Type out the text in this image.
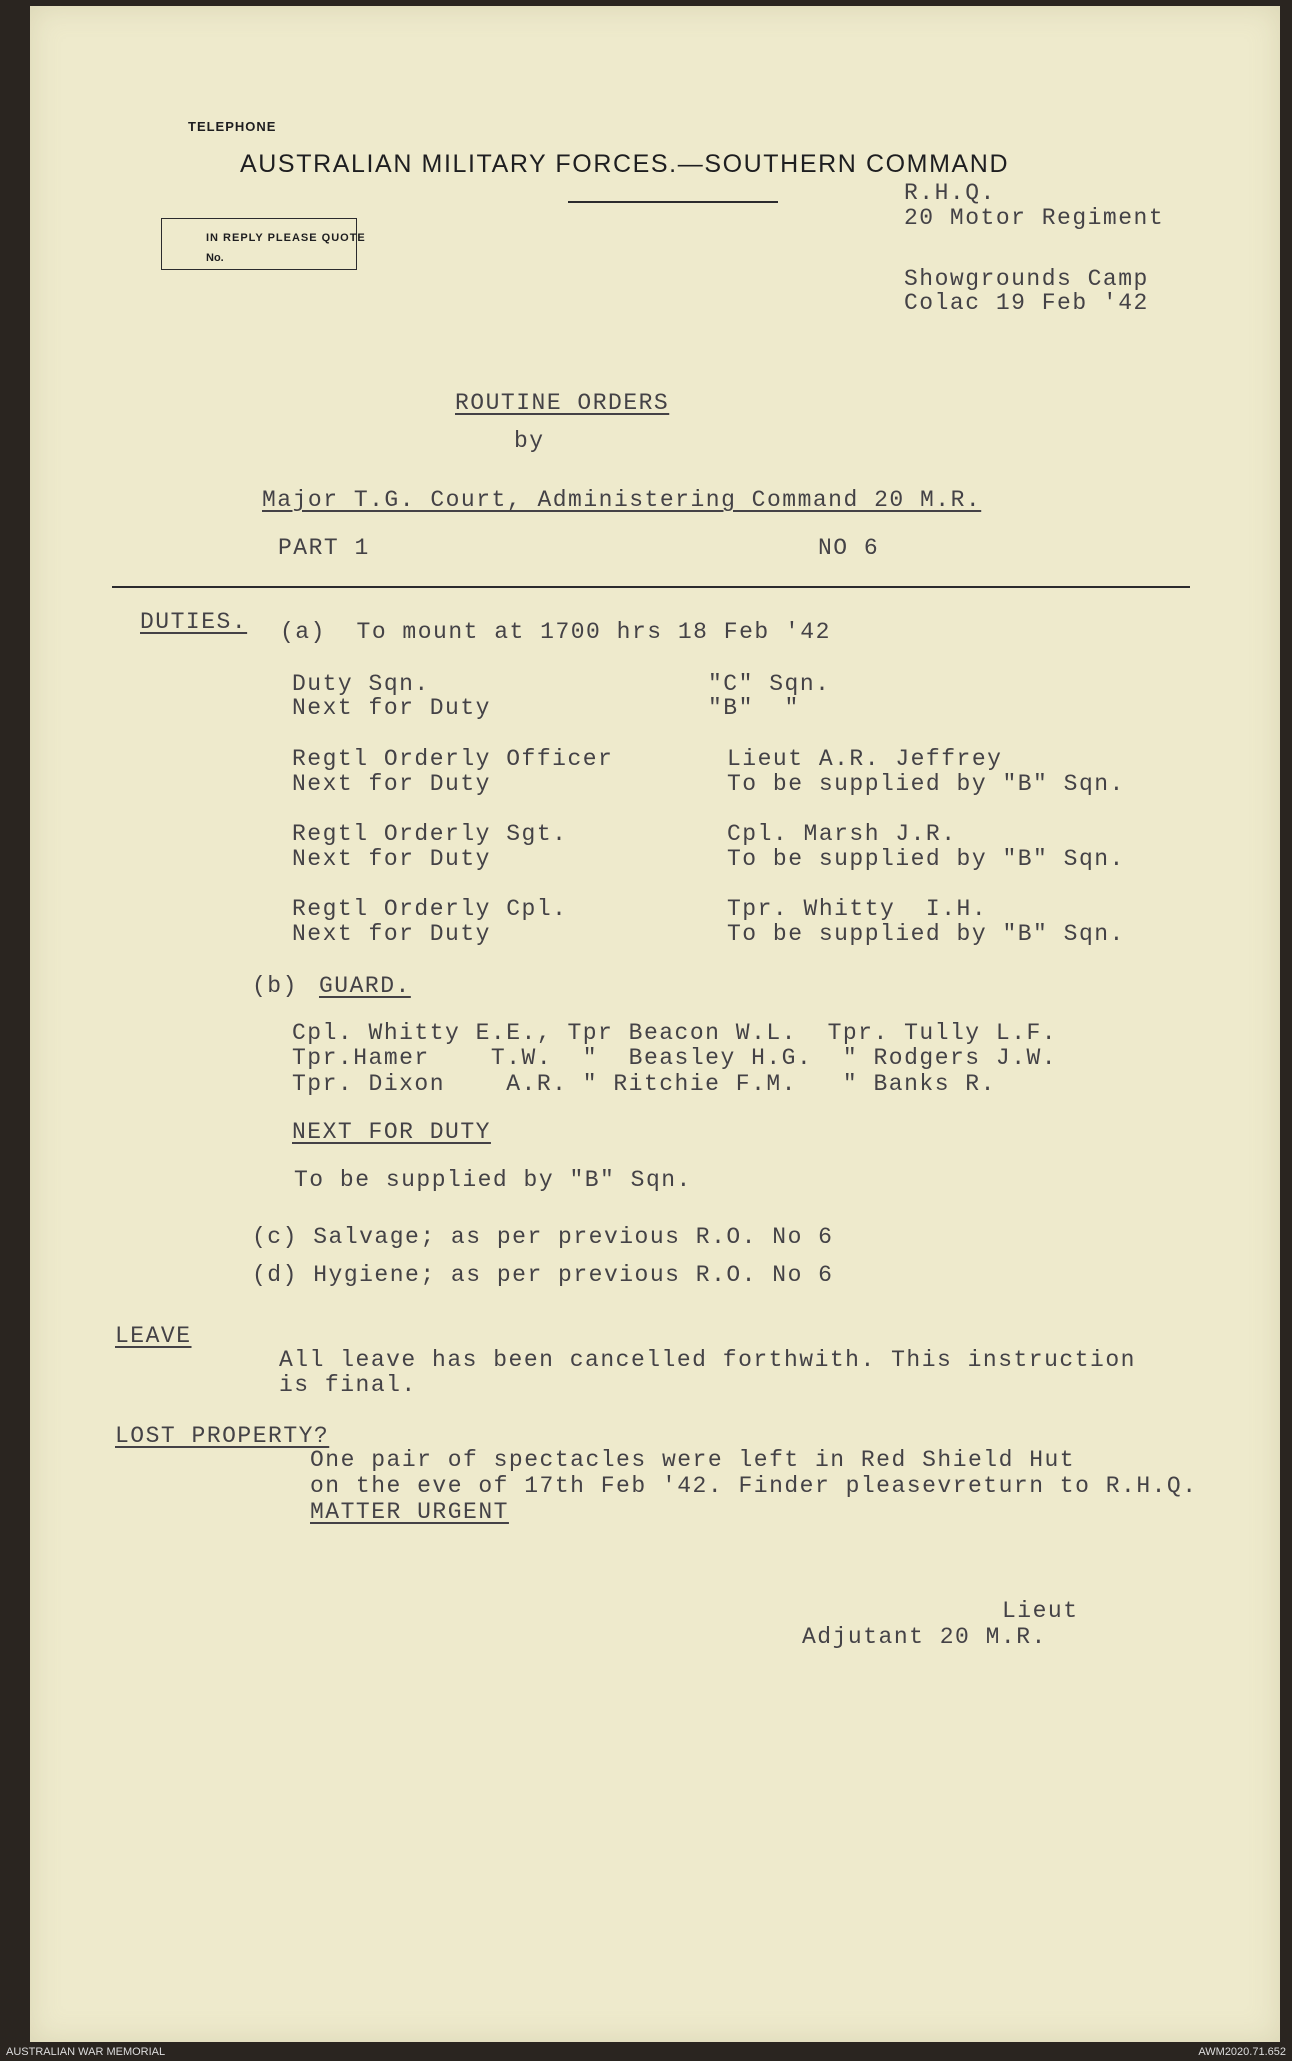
TELEPHONE
AUSTRALIAN MILITARY FORCES.—SOUTHERN COMMAND
IN REPLY PLEASE QUOTE
No.
R.H.Q.
20 Motor Regiment
Showgrounds Camp
Colac 19 Feb '42
ROUTINE ORDERS
by
Major T.G. Court, Administering Command 20 M.R.
PART 1	NO 6
DUTIES. (a)  To mount at 1700 hrs 18 Feb '42
Duty Sqn.	"C" Sqn.
Next for Duty	"B"  "
Regtl Orderly Officer	Lieut A.R. Jeffrey
Next for Duty	To be supplied by "B" Sqn.
Regtl Orderly Sgt.	Cpl. Marsh J.R.
Next for Duty	To be supplied by "B" Sqn.
Regtl Orderly Cpl.	Tpr. Whitty  I.H.
Next for Duty	To be supplied by "B" Sqn.
(b) GUARD.
Cpl. Whitty E.E., Tpr Beacon W.L.  Tpr. Tully L.F.
Tpr.Hamer    T.W.  "  Beasley H.G.  " Rodgers J.W.
Tpr. Dixon    A.R. " Ritchie F.M.   " Banks R.
NEXT FOR DUTY
To be supplied by "B" Sqn.
(c) Salvage; as per previous R.O. No 6
(d) Hygiene; as per previous R.O. No 6
LEAVE
All leave has been cancelled forthwith. This instruction
is final.
LOST PROPERTY?
One pair of spectacles were left in Red Shield Hut
on the eve of 17th Feb '42. Finder pleasevreturn to R.H.Q.
MATTER URGENT
Lieut
Adjutant 20 M.R.
AUSTRALIAN WAR MEMORIAL	AWM2020.71.652
